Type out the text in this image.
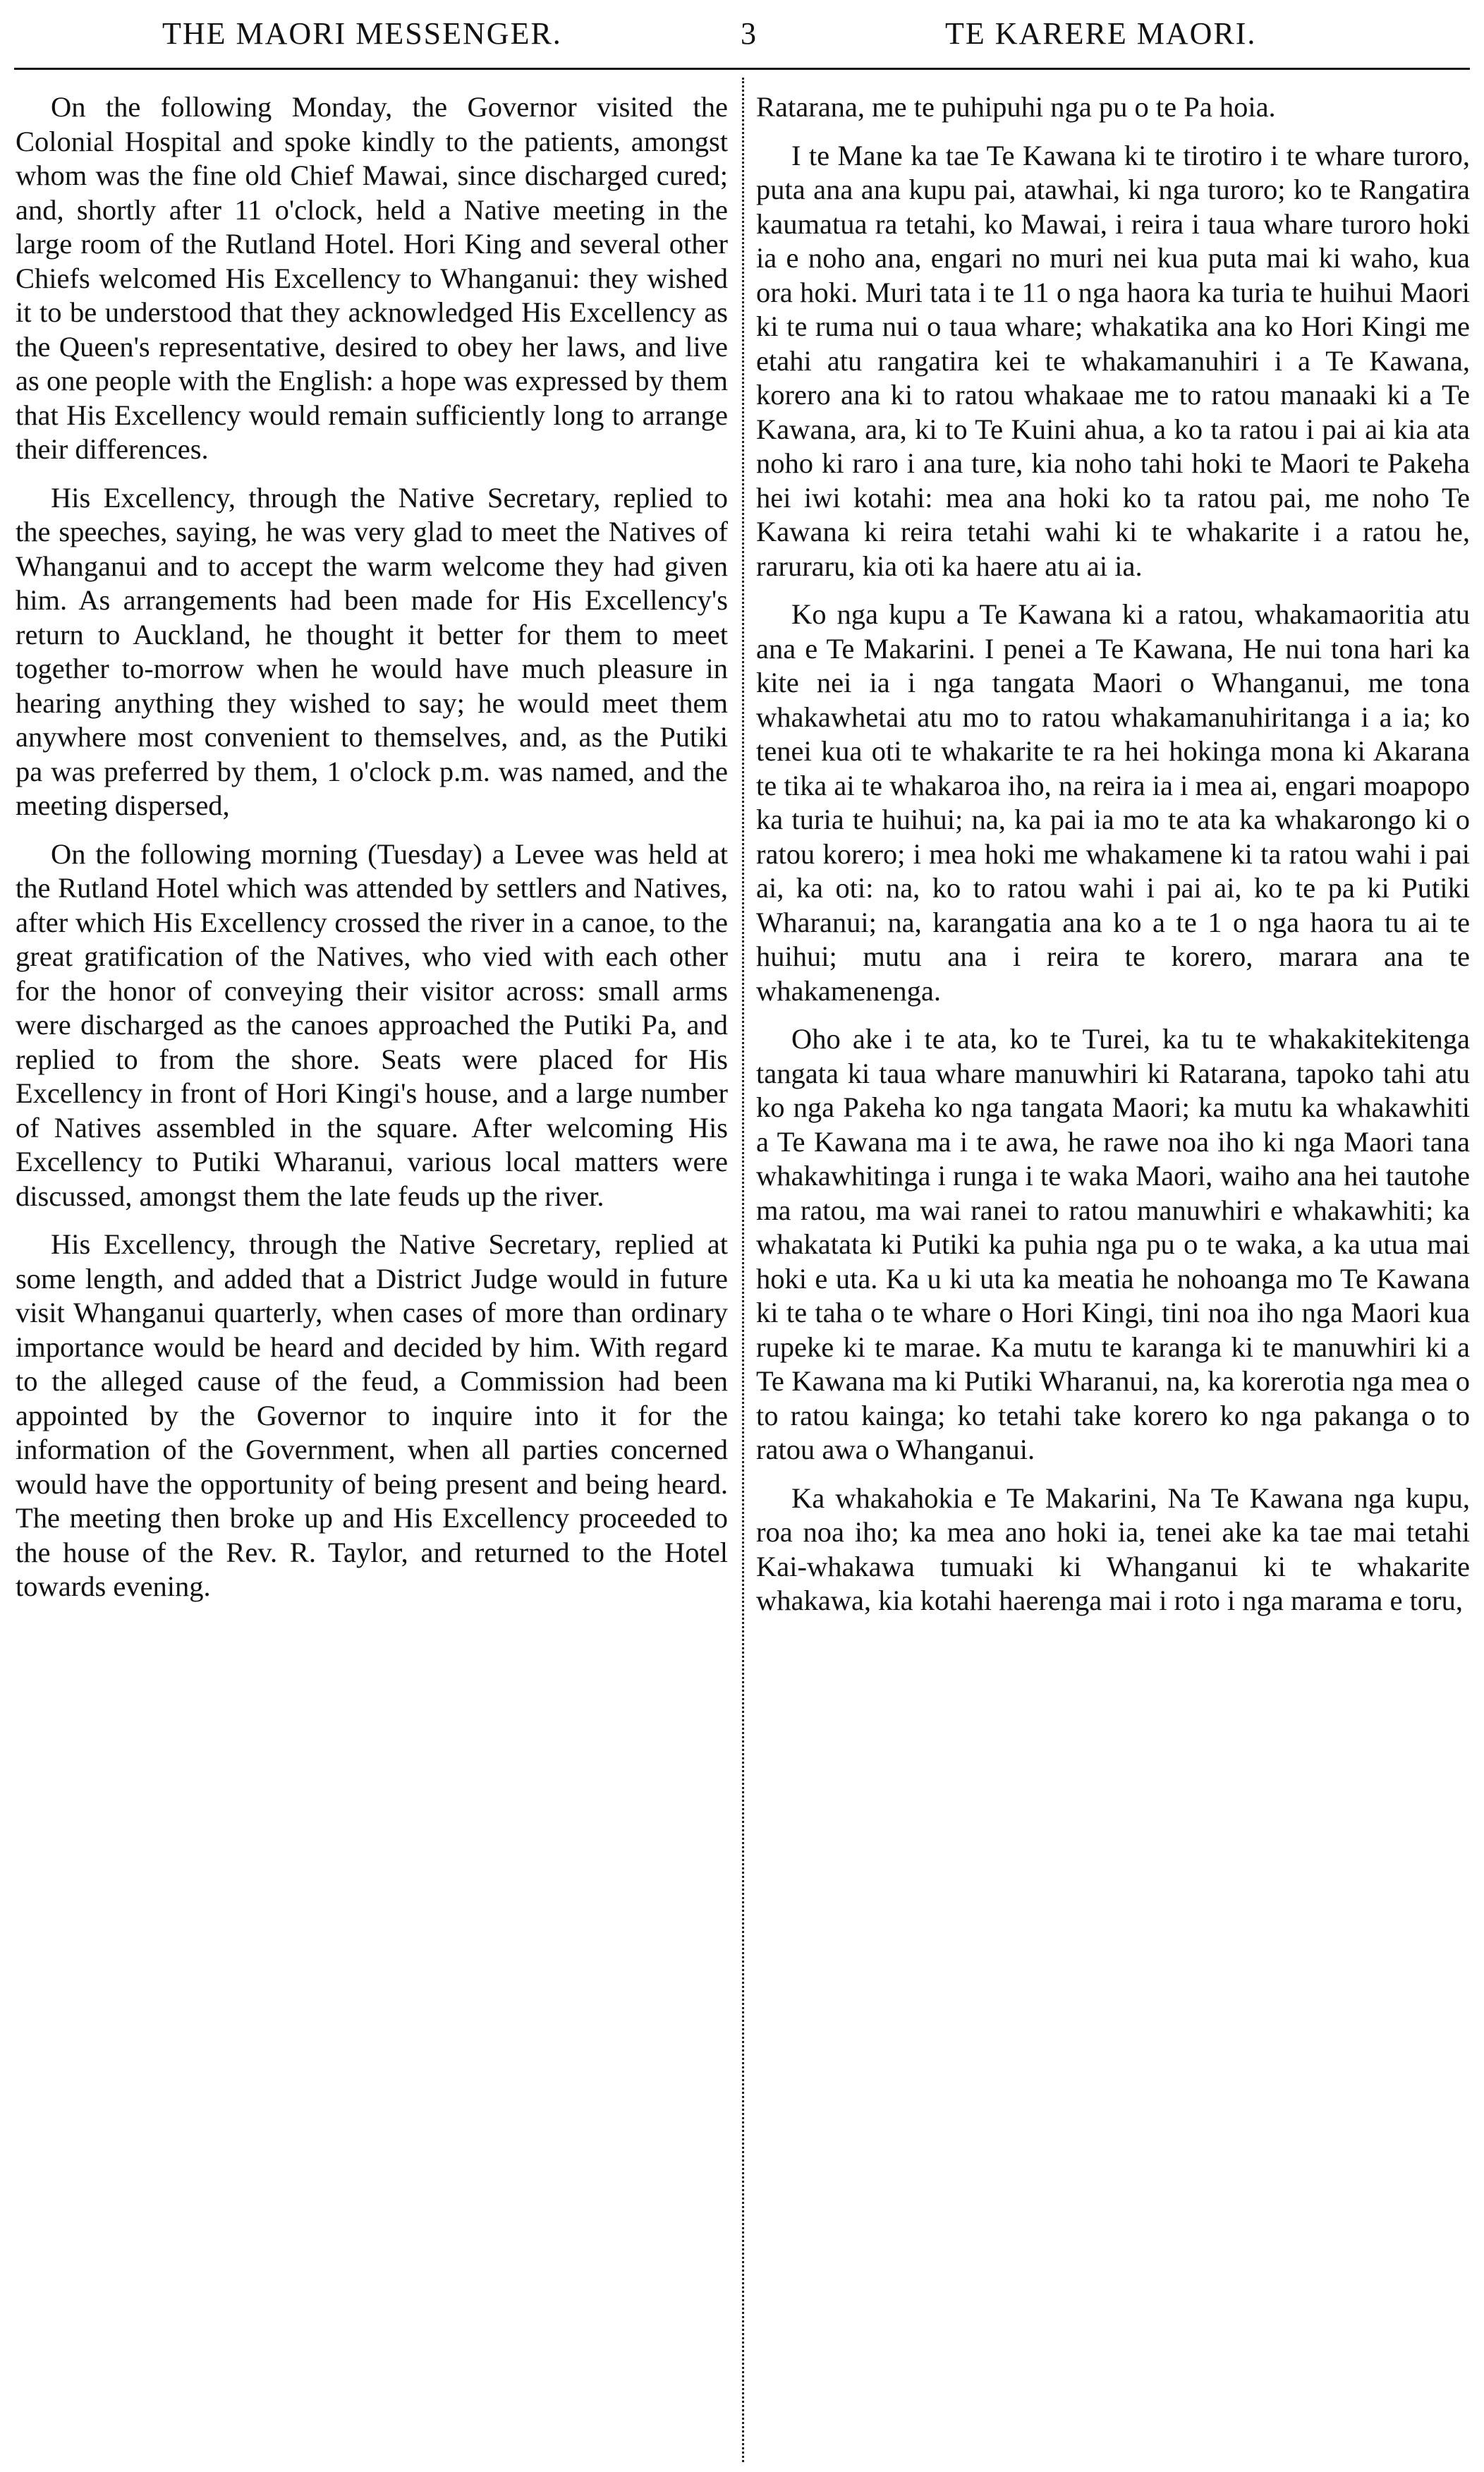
THE MAORI MESSENGER.	3	TE KARERE MAORI.

On the following Monday, the Governor visited the Colonial Hospital and spoke kindly to the patients, amongst whom was the fine old Chief Mawai, since discharged cured; and, shortly after 11 o'clock, held a Native meeting in the large room of the Rutland Hotel. Hori King and several other Chiefs welcomed His Excellency to Whanganui: they wished it to be understood that they acknowledged His Excellency as the Queen's representative, desired to obey her laws, and live as one people with the English: a hope was expressed by them that His Excellency would remain sufficiently long to arrange their differences.

His Excellency, through the Native Secretary, replied to the speeches, saying, he was very glad to meet the Natives of Whanganui and to accept the warm welcome they had given him. As arrangements had been made for His Excellency's return to Auckland, he thought it better for them to meet together to-morrow when he would have much pleasure in hearing anything they wished to say; he would meet them anywhere most convenient to themselves, and, as the Putiki pa was preferred by them, 1 o'clock p.m. was named, and the meeting dispersed,

On the following morning (Tuesday) a Levee was held at the Rutland Hotel which was attended by settlers and Natives, after which His Excellency crossed the river in a canoe, to the great gratification of the Natives, who vied with each other for the honor of conveying their visitor across: small arms were discharged as the canoes approached the Putiki Pa, and replied to from the shore. Seats were placed for His Excellency in front of Hori Kingi's house, and a large number of Natives assembled in the square. After welcoming His Excellency to Putiki Wharanui, various local matters were discussed, amongst them the late feuds up the river.

His Excellency, through the Native Secretary, replied at some length, and added that a District Judge would in future visit Whanganui quarterly, when cases of more than ordinary importance would be heard and decided by him. With regard to the alleged cause of the feud, a Commission had been appointed by the Governor to inquire into it for the information of the Government, when all parties concerned would have the opportunity of being present and being heard. The meeting then broke up and His Excellency proceeded to the house of the Rev. R. Taylor, and returned to the Hotel towards evening.

Ratarana, me te puhipuhi nga pu o te Pa hoia.

I te Mane ka tae Te Kawana ki te tirotiro i te whare turoro, puta ana ana kupu pai, atawhai, ki nga turoro; ko te Rangatira kaumatua ra tetahi, ko Mawai, i reira i taua whare turoro hoki ia e noho ana, engari no muri nei kua puta mai ki waho, kua ora hoki. Muri tata i te 11 o nga haora ka turia te huihui Maori ki te ruma nui o taua whare; whakatika ana ko Hori Kingi me etahi atu rangatira kei te whakamanuhiri i a Te Kawana, korero ana ki to ratou whakaae me to ratou manaaki ki a Te Kawana, ara, ki to Te Kuini ahua, a ko ta ratou i pai ai kia ata noho ki raro i ana ture, kia noho tahi hoki te Maori te Pakeha hei iwi kotahi: mea ana hoki ko ta ratou pai, me noho Te Kawana ki reira tetahi wahi ki te whakarite i a ratou he, raruraru, kia oti ka haere atu ai ia.

Ko nga kupu a Te Kawana ki a ratou, whakamaoritia atu ana e Te Makarini. I penei a Te Kawana, He nui tona hari ka kite nei ia i nga tangata Maori o Whanganui, me tona whakawhetai atu mo to ratou whakamanuhiritanga i a ia; ko tenei kua oti te whakarite te ra hei hokinga mona ki Akarana te tika ai te whakaroa iho, na reira ia i mea ai, engari moapopo ka turia te huihui; na, ka pai ia mo te ata ka whakarongo ki o ratou korero; i mea hoki me whakamene ki ta ratou wahi i pai ai, ka oti: na, ko to ratou wahi i pai ai, ko te pa ki Putiki Wharanui; na, karangatia ana ko a te 1 o nga haora tu ai te huihui; mutu ana i reira te korero, marara ana te whakamenenga.

Oho ake i te ata, ko te Turei, ka tu te whakakitekitenga tangata ki taua whare manuwhiri ki Ratarana, tapoko tahi atu ko nga Pakeha ko nga tangata Maori; ka mutu ka whakawhiti a Te Kawana ma i te awa, he rawe noa iho ki nga Maori tana whakawhitinga i runga i te waka Maori, waiho ana hei tautohe ma ratou, ma wai ranei to ratou manuwhiri e whakawhiti; ka whakatata ki Putiki ka puhia nga pu o te waka, a ka utua mai hoki e uta. Ka u ki uta ka meatia he nohoanga mo Te Kawana ki te taha o te whare o Hori Kingi, tini noa iho nga Maori kua rupeke ki te marae. Ka mutu te karanga ki te manuwhiri ki a Te Kawana ma ki Putiki Wharanui, na, ka korerotia nga mea o to ratou kainga; ko tetahi take korero ko nga pakanga o to ratou awa o Whanganui.

Ka whakahokia e Te Makarini, Na Te Kawana nga kupu, roa noa iho; ka mea ano hoki ia, tenei ake ka tae mai tetahi Kai-whakawa tumuaki ki Whanganui ki te whakarite whakawa, kia kotahi haerenga mai i roto i nga marama e toru,
